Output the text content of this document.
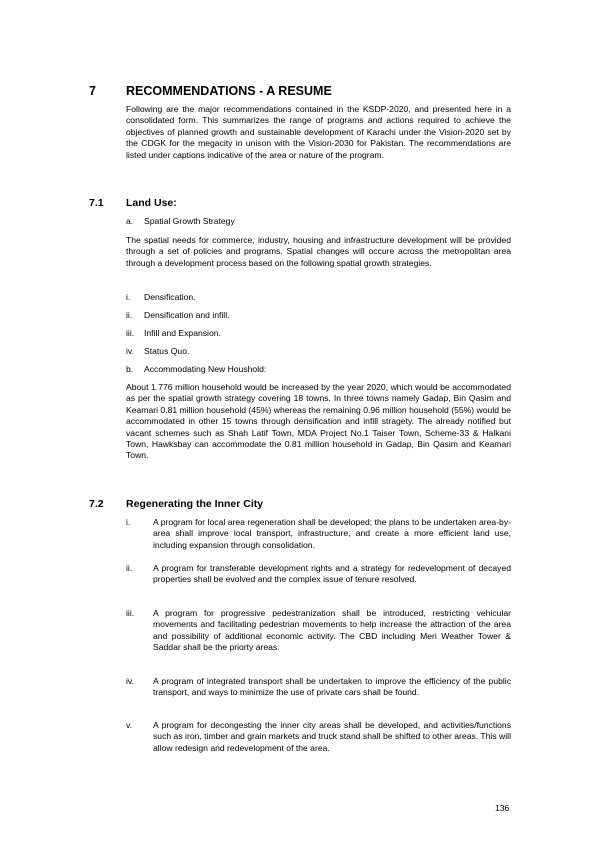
7 RECOMMENDATIONS - A RESUME

Following are the major recommendations contained in the KSDP-2020, and presented here in a consolidated form. This summarizes the range of programs and actions required to achieve the objectives of planned growth and sustainable development of Karachi under the Vision-2020 set by the CDGK for the megacity in unison with the Vision-2030 for Pakistan. The recommendations are listed under captions indicative of the area or nature of the program.

7.1 Land Use:
a. Spatial Growth Strategy

The spatial needs for commerce, industry, housing and infrastructure development will be provided through a set of policies and programs. Spatial changes will occure across the metropolitan area through a development process based on the following spatial growth strategies.

i. Densification.
ii. Densification and infill.
iii. Infill and Expansion.
iv. Status Quo.
b. Accommodating New Houshold:

About 1.776 million household would be increased by the year 2020, which would be accommodated as per the spatial growth strategy covering 18 towns. In three towns namely Gadap, Bin Qasim and Keamari 0.81 million household (45%) whereas the remaining 0.96 million household (55%) would be accommodated in other 15 towns through densification and infill stragety. The already notified but vacant schemes such as Shah Latif Town, MDA Project No.1 Taiser Town, Scheme-33 & Halkani Town, Hawksbay can accommodate the 0.81 million household in Gadap, Bin Qasim and Keamari Town.

7.2 Regenerating the Inner City
i.	A program for local area regeneration shall be developed; the plans to be undertaken area-by-area shall improve local transport, infrastructure, and create a more efficient land use, including expansion through consolidation.

ii. A program for transferable development rights and a strategy for redevelopment of decayed properties shall be evolved and the complex issue of tenure resolved.

iii. A program for progressive pedestranization shall be introduced, restricting vehicular movements and facilitating pedestrian movements to help increase the attraction of the area and possibility of additional economic activity. The CBD including Meri Weather Tower & Saddar shall be the priorty areas.

iv. A program of integrated transport shall be undertaken to improve the efficiency of the public transport, and ways to minimize the use of private cars shall be found.

v. A program for decongesting the inner city areas shall be developed, and activities/functions such as iron, timber and grain markets and truck stand shall be shifted to other areas. This will allow redesign and redevelopment of the area.

136
